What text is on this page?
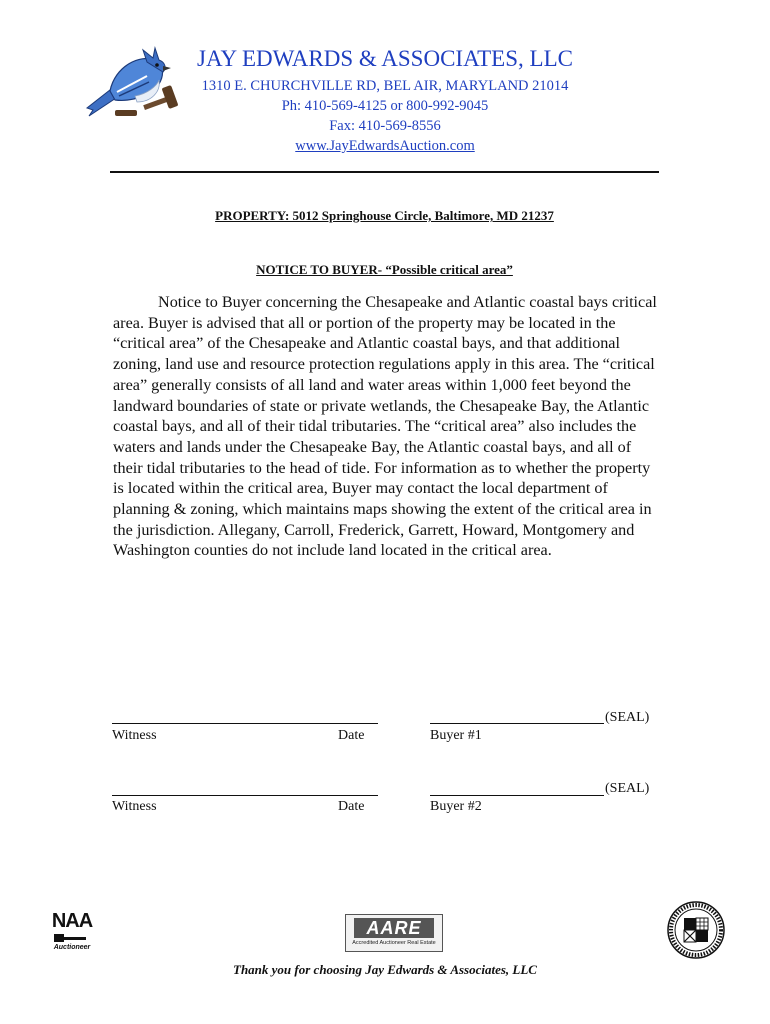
JAY EDWARDS & ASSOCIATES, LLC
1310 E. CHURCHVILLE RD, BEL AIR, MARYLAND 21014
Ph: 410-569-4125 or 800-992-9045
Fax: 410-569-8556
www.JayEdwardsAuction.com
PROPERTY: 5012 Springhouse Circle, Baltimore, MD 21237
NOTICE TO BUYER- “Possible critical area”
Notice to Buyer concerning the Chesapeake and Atlantic coastal bays critical area. Buyer is advised that all or portion of the property may be located in the “critical area” of the Chesapeake and Atlantic coastal bays, and that additional zoning, land use and resource protection regulations apply in this area. The “critical area” generally consists of all land and water areas within 1,000 feet beyond the landward boundaries of state or private wetlands, the Chesapeake Bay, the Atlantic coastal bays, and all of their tidal tributaries. The “critical area” also includes the waters and lands under the Chesapeake Bay, the Atlantic coastal bays, and all of their tidal tributaries to the head of tide. For information as to whether the property is located within the critical area, Buyer may contact the local department of planning & zoning, which maintains maps showing the extent of the critical area in the jurisdiction. Allegany, Carroll, Frederick, Garrett, Howard, Montgomery and Washington counties do not include land located in the critical area.
Witness	Date
(SEAL)
Buyer #1
Witness	Date
(SEAL)
Buyer #2
NAA
Auctioneer
AARE
Accredited Auctioneer Real Estate
Thank you for choosing Jay Edwards & Associates, LLC
